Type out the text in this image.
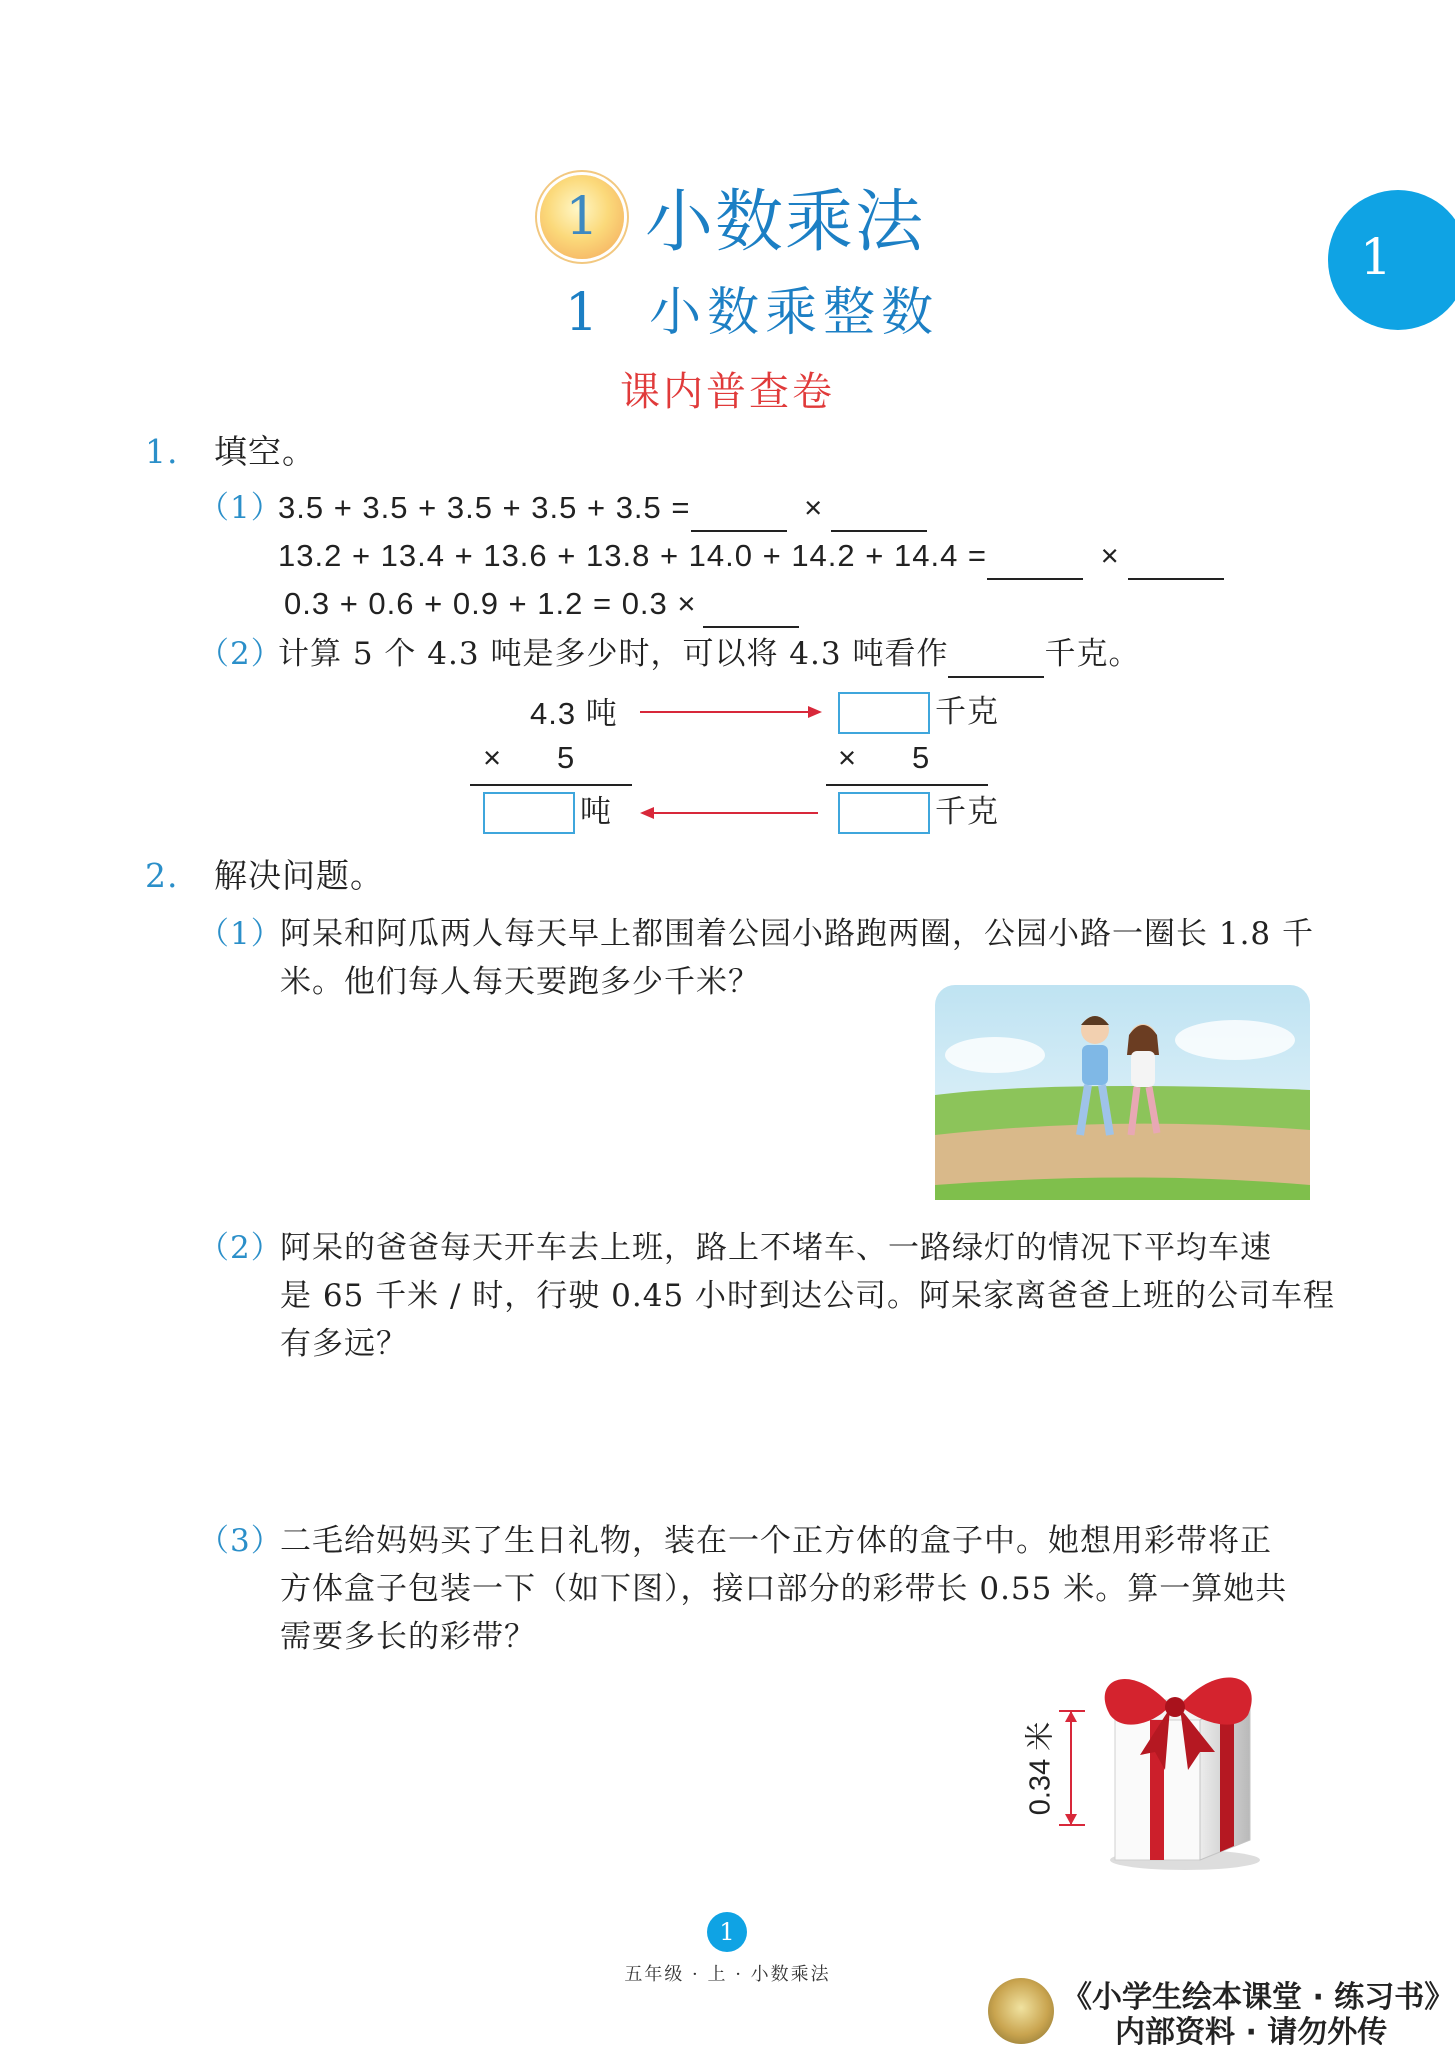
1 小数乘法
1  小数乘整数
课内普查卷
1
1. 填空。
（1）
3.5 + 3.5 + 3.5 + 3.5 + 3.5 =	×
13.2 + 13.4 + 13.6 + 13.8 + 14.0 + 14.2 + 14.4 =	×
0.3 + 0.6 + 0.9 + 1.2 = 0.3 ×
（2）
计算 5 个 4.3 吨是多少时，可以将 4.3 吨看作	千克。
4.3 吨
× 5
吨
千克
× 5
千克
2. 解决问题。
（1）
阿呆和阿瓜两人每天早上都围着公园小路跑两圈，公园小路一圈长 1.8 千
米。他们每人每天要跑多少千米？
（2）
阿呆的爸爸每天开车去上班，路上不堵车、一路绿灯的情况下平均车速
是 65 千米 / 时，行驶 0.45 小时到达公司。阿呆家离爸爸上班的公司车程
有多远？
（3）
二毛给妈妈买了生日礼物，装在一个正方体的盒子中。她想用彩带将正
方体盒子包装一下（如下图），接口部分的彩带长 0.55 米。算一算她共
需要多长的彩带？
0.34 米
1
五年级 · 上 · 小数乘法
《小学生绘本课堂 · 练习书》
内部资料 · 请勿外传
